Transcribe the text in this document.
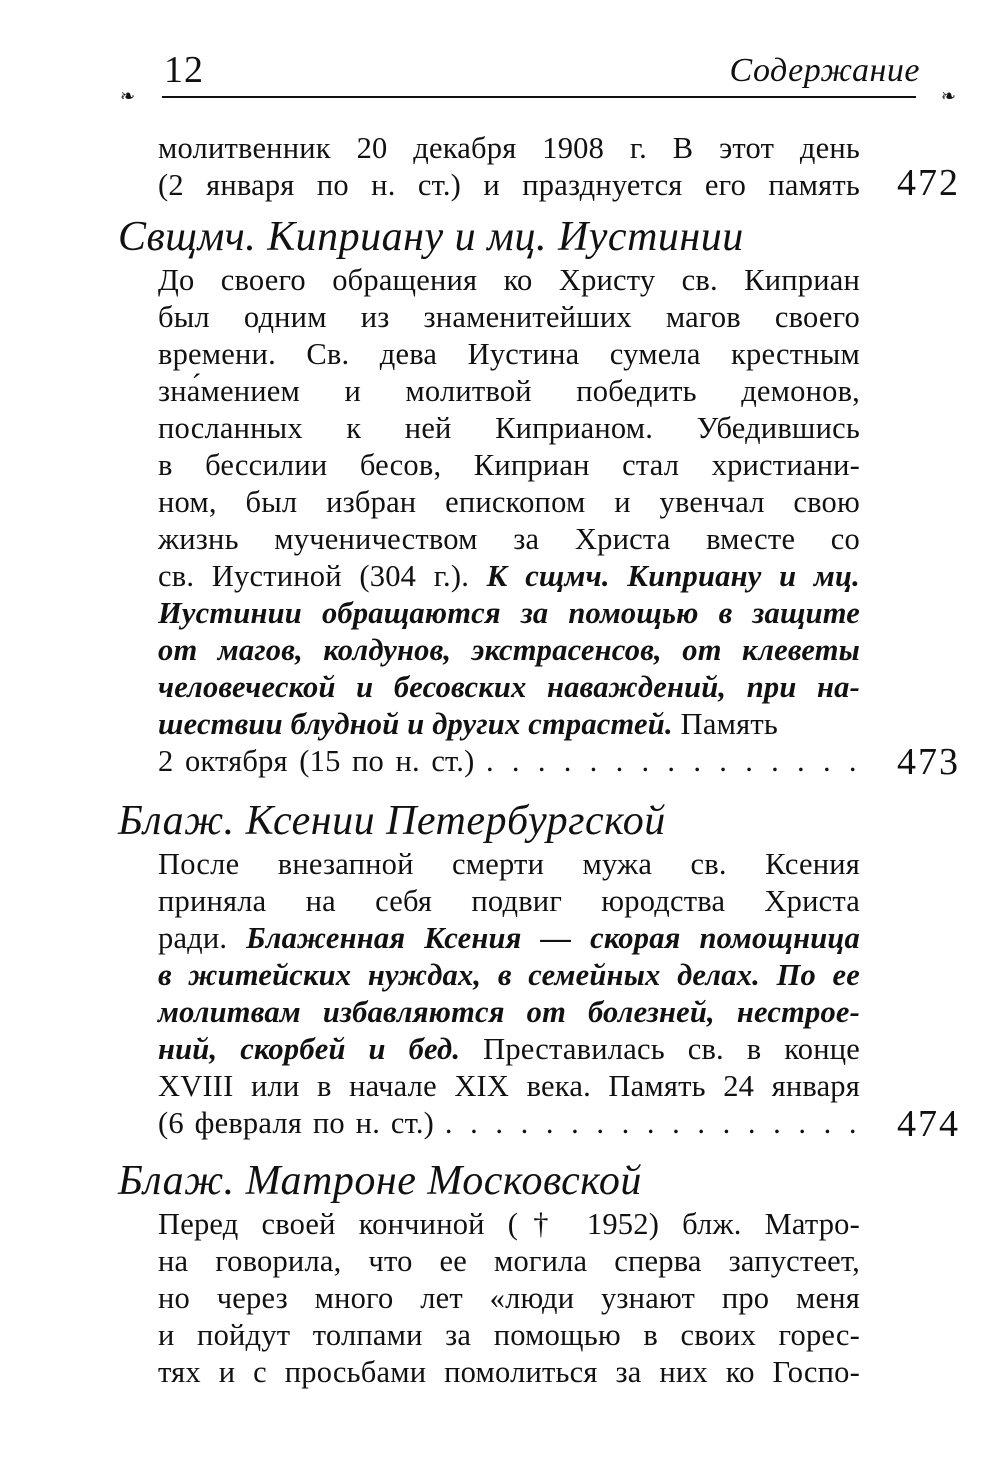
❧
12	Содержание
❧
молитвенник 20 декабря 1908 г. В этот день
(2 января по н. ст.) и празднуется его память 472
Свщмч. Киприану и мц. Иустинии
До своего обращения ко Христу св. Киприан
был одним из знаменитейших магов своего
времени. Св. дева Иустина сумела крестным
зна́мением и молитвой победить демонов,
посланных к ней Киприаном. Убедившись
в бессилии бесов, Киприан стал христиани-
ном, был избран епископом и увенчал свою
жизнь мученичеством за Христа вместе со
св. Иустиной (304 г.). К сщмч. Киприану и мц.
Иустинии обращаются за помощью в защите
от магов, колдунов, экстрасенсов, от клеветы
человеческой и бесовских наваждений, при на-
шествии блудной и других страстей. Память
2 октября (15 по н. ст.) . . . . . . . . . . . . . . . 473
Блаж. Ксении Петербургской
После внезапной смерти мужа св. Ксения
приняла на себя подвиг юродства Христа
ради. Блаженная Ксения — скорая помощница
в житейских нуждах, в семейных делах. По ее
молитвам избавляются от болезней, нестрое-
ний, скорбей и бед. Преставилась св. в конце
XVIII или в начале XIX века. Память 24 января
(6 февраля по н. ст.) . . . . . . . . . . . . . . . . . 474
Блаж. Матроне Московской
Перед своей кончиной († 1952) блж. Матро-
на говорила, что ее могила сперва запустеет,
но через много лет «люди узнают про меня
и пойдут толпами за помощью в своих горес-
тях и с просьбами помолиться за них ко Госпо-
